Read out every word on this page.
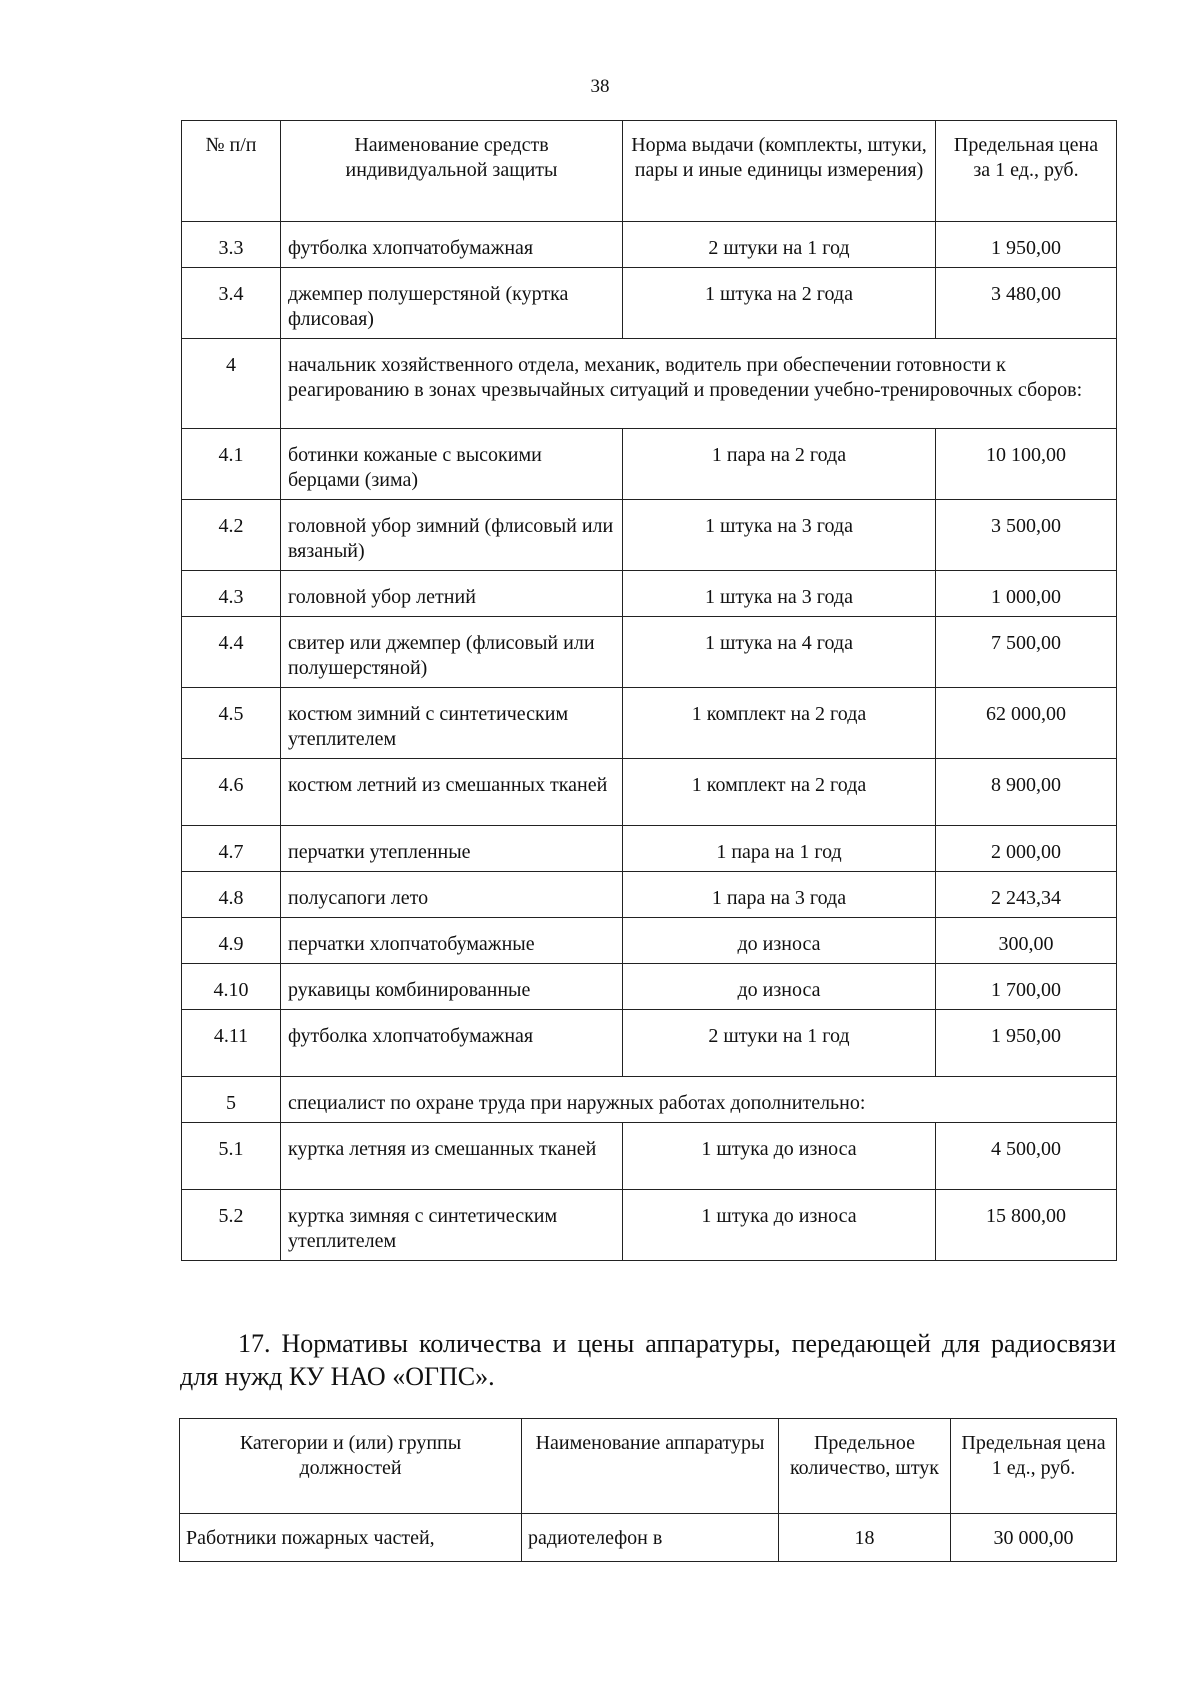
38
№ п/п	Наименование средств индивидуальной защиты	Норма выдачи (комплекты, штуки, пары и иные единицы измерения)	Предельная цена за 1 ед., руб.
3.3	футболка хлопчатобумажная	2 штуки на 1 год	1 950,00
3.4	джемпер полушерстяной (куртка флисовая)	1 штука на 2 года	3 480,00
4	начальник хозяйственного отдела, механик, водитель при обеспечении готовности к реагированию в зонах чрезвычайных ситуаций и проведении учебно-тренировочных сборов:		
4.1	ботинки кожаные с высокими берцами (зима)	1 пара на 2 года	10 100,00
4.2	головной убор зимний (флисовый или вязаный)	1 штука на 3 года	3 500,00
4.3	головной убор летний	1 штука на 3 года	1 000,00
4.4	свитер или джемпер (флисовый или полушерстяной)	1 штука на 4 года	7 500,00
4.5	костюм зимний с синтетическим утеплителем	1 комплект на 2 года	62 000,00
4.6	костюм летний из смешанных тканей	1 комплект на 2 года	8 900,00
4.7	перчатки утепленные	1 пара на 1 год	2 000,00
4.8	полусапоги лето	1 пара на 3 года	2 243,34
4.9	перчатки хлопчатобумажные	до износа	300,00
4.10	рукавицы комбинированные	до износа	1 700,00
4.11	футболка хлопчатобумажная	2 штуки на 1 год	1 950,00
5	специалист по охране труда при наружных работах дополнительно:		
5.1	куртка летняя из смешанных тканей	1 штука до износа	4 500,00
5.2	куртка зимняя с синтетическим утеплителем	1 штука до износа	15 800,00
17. Нормативы количества и цены аппаратуры, передающей для радиосвязи для нужд КУ НАО «ОГПС».
Категории и (или) группы должностей	Наименование аппаратуры	Предельное количество, штук	Предельная цена 1 ед., руб.
Работники пожарных частей,	радиотелефон в	18	30 000,00
